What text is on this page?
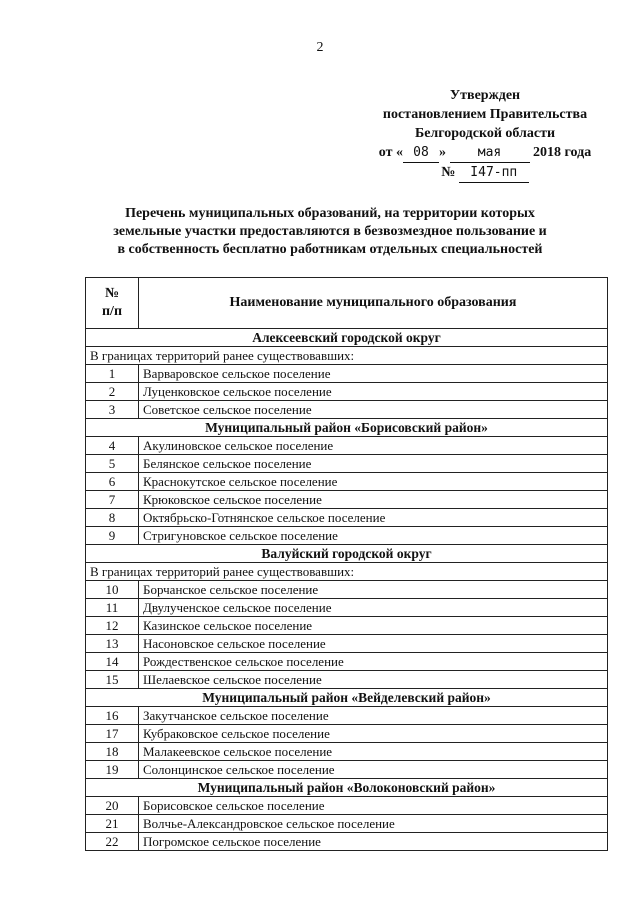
2
Утвержден
постановлением Правительства
Белгородской области
от « 08 » мая 2018 года
№ I47-пп
Перечень муниципальных образований, на территории которых
земельные участки предоставляются в безвозмездное пользование и
в собственность бесплатно работникам отдельных специальностей
№
п/п	Наименование муниципального образования
Алексеевский городской округ	
В границах территорий ранее существовавших:	
1	Варваровское сельское поселение
2	Луценковское сельское поселение
3	Советское сельское поселение
Муниципальный район «Борисовский район»	
4	Акулиновское сельское поселение
5	Белянское сельское поселение
6	Краснокутское сельское поселение
7	Крюковское сельское поселение
8	Октябрьско-Готнянское сельское поселение
9	Стригуновское сельское поселение
Валуйский городской округ	
В границах территорий ранее существовавших:	
10	Борчанское сельское поселение
11	Двулученское сельское поселение
12	Казинское сельское поселение
13	Насоновское сельское поселение
14	Рождественское сельское поселение
15	Шелаевское сельское поселение
Муниципальный район «Вейделевский район»	
16	Закутчанское сельское поселение
17	Кубраковское сельское поселение
18	Малакеевское сельское поселение
19	Солонцинское сельское поселение
Муниципальный район «Волоконовский район»	
20	Борисовское сельское поселение
21	Волчье-Александровское сельское поселение
22	Погромское сельское поселение
